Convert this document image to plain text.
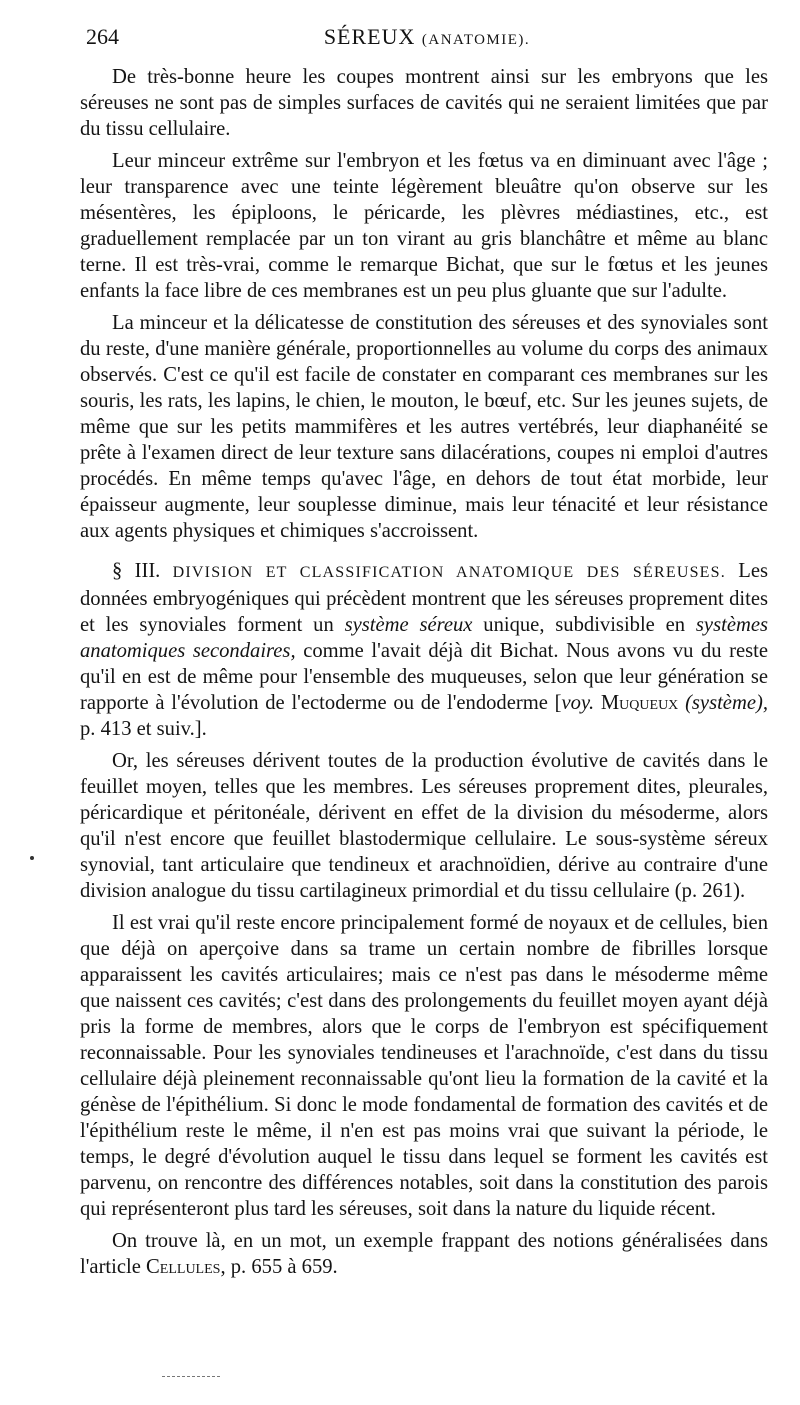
264	SÉREUX (ANATOMIE).

De très-bonne heure les coupes montrent ainsi sur les embryons que les séreuses ne sont pas de simples surfaces de cavités qui ne seraient limitées que par du tissu cellulaire.

Leur minceur extrême sur l'embryon et les fœtus va en diminuant avec l'âge ; leur transparence avec une teinte légèrement bleuâtre qu'on observe sur les mésentères, les épiploons, le péricarde, les plèvres médiastines, etc., est graduellement remplacée par un ton virant au gris blanchâtre et même au blanc terne. Il est très-vrai, comme le remarque Bichat, que sur le fœtus et les jeunes enfants la face libre de ces membranes est un peu plus gluante que sur l'adulte.

La minceur et la délicatesse de constitution des séreuses et des synoviales sont du reste, d'une manière générale, proportionnelles au volume du corps des animaux observés. C'est ce qu'il est facile de constater en comparant ces membranes sur les souris, les rats, les lapins, le chien, le mouton, le bœuf, etc. Sur les jeunes sujets, de même que sur les petits mammifères et les autres vertébrés, leur diaphanéité se prête à l'examen direct de leur texture sans dilacérations, coupes ni emploi d'autres procédés. En même temps qu'avec l'âge, en dehors de tout état morbide, leur épaisseur augmente, leur souplesse diminue, mais leur ténacité et leur résistance aux agents physiques et chimiques s'accroissent.

§ III. DIVISION ET CLASSIFICATION ANATOMIQUE DES SÉREUSES. Les données embryogéniques qui précèdent montrent que les séreuses proprement dites et les synoviales forment un système séreux unique, subdivisible en systèmes anatomiques secondaires, comme l'avait déjà dit Bichat. Nous avons vu du reste qu'il en est de même pour l'ensemble des muqueuses, selon que leur génération se rapporte à l'évolution de l'ectoderme ou de l'endoderme [voy. Muqueux (système), p. 413 et suiv.].

Or, les séreuses dérivent toutes de la production évolutive de cavités dans le feuillet moyen, telles que les membres. Les séreuses proprement dites, pleurales, péricardique et péritonéale, dérivent en effet de la division du mésoderme, alors qu'il n'est encore que feuillet blastodermique cellulaire. Le sous-système séreux synovial, tant articulaire que tendineux et arachnoïdien, dérive au contraire d'une division analogue du tissu cartilagineux primordial et du tissu cellulaire (p. 261).

Il est vrai qu'il reste encore principalement formé de noyaux et de cellules, bien que déjà on aperçoive dans sa trame un certain nombre de fibrilles lorsque apparaissent les cavités articulaires; mais ce n'est pas dans le mésoderme même que naissent ces cavités; c'est dans des prolongements du feuillet moyen ayant déjà pris la forme de membres, alors que le corps de l'embryon est spécifiquement reconnaissable. Pour les synoviales tendineuses et l'arachnoïde, c'est dans du tissu cellulaire déjà pleinement reconnaissable qu'ont lieu la formation de la cavité et la génèse de l'épithélium. Si donc le mode fondamental de formation des cavités et de l'épithélium reste le même, il n'en est pas moins vrai que suivant la période, le temps, le degré d'évolution auquel le tissu dans lequel se forment les cavités est parvenu, on rencontre des différences notables, soit dans la constitution des parois qui représenteront plus tard les séreuses, soit dans la nature du liquide récent.

On trouve là, en un mot, un exemple frappant des notions généralisées dans l'article Cellules, p. 655 à 659.
